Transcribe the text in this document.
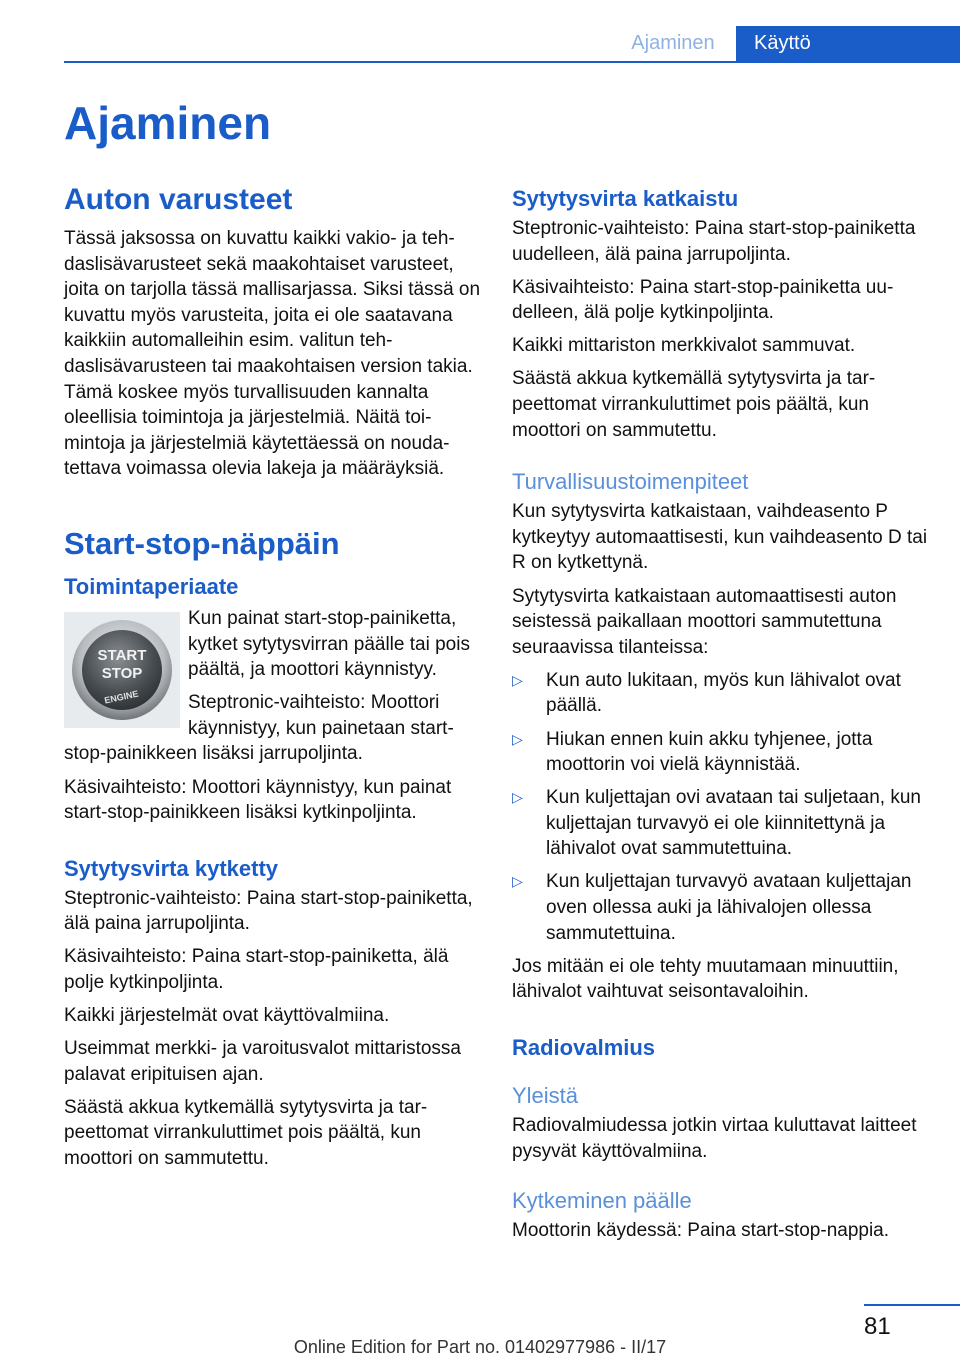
Ajaminen	Käyttö
Ajaminen
Auton varusteet

Tässä jaksossa on kuvattu kaikki vakio- ja tehdaslisävarusteet sekä maakohtaiset varusteet, joita on tarjolla tässä mallisarjassa. Siksi tässä on kuvattu myös varusteita, joita ei ole saatavana kaikkiin automalleihin esim. valitun tehdaslisävarusteen tai maakohtaisen version takia. Tämä koskee myös turvallisuuden kannalta oleellisia toimintoja ja järjestelmiä. Näitä toimintoja ja järjestelmiä käytettäessä on noudatettava voimassa olevia lakeja ja määräyksiä.

Start-stop-näppäin
Toimintaperiaate
START
STOP
ENGINE

Kun painat start-stop-painiketta, kytket sytytysvirran päälle tai pois päältä, ja moottori käynnistyy.

Steptronic-vaihteisto: Moottori käynnistyy, kun painetaan start-stop-painikkeen lisäksi jarrupoljinta.

Käsivaihteisto: Moottori käynnistyy, kun painat start-stop-painikkeen lisäksi kytkinpoljinta.

Sytytysvirta kytketty

Steptronic-vaihteisto: Paina start-stop-painiketta, älä paina jarrupoljinta.

Käsivaihteisto: Paina start-stop-painiketta, älä polje kytkinpoljinta.

Kaikki järjestelmät ovat käyttövalmiina.

Useimmat merkki- ja varoitusvalot mittaristossa palavat eripituisen ajan.

Säästä akkua kytkemällä sytytysvirta ja tarpeettomat virrankuluttimet pois päältä, kun moottori on sammutettu.

Sytytysvirta katkaistu

Steptronic-vaihteisto: Paina start-stop-painiketta uudelleen, älä paina jarrupoljinta.

Käsivaihteisto: Paina start-stop-painiketta uudelleen, älä polje kytkinpoljinta.

Kaikki mittariston merkkivalot sammuvat.

Säästä akkua kytkemällä sytytysvirta ja tarpeettomat virrankuluttimet pois päältä, kun moottori on sammutettu.

Turvallisuustoimenpiteet

Kun sytytysvirta katkaistaan, vaihdeasento P kytkeytyy automaattisesti, kun vaihdeasento D tai R on kytkettynä.

Sytytysvirta katkaistaan automaattisesti auton seistessä paikallaan moottori sammutettuna seuraavissa tilanteissa:

▷ Kun auto lukitaan, myös kun lähivalot ovat päällä.
▷ Hiukan ennen kuin akku tyhjenee, jotta moottorin voi vielä käynnistää.
▷ Kun kuljettajan ovi avataan tai suljetaan, kun kuljettajan turvavyö ei ole kiinnitettynä ja lähivalot ovat sammutettuina.
▷ Kun kuljettajan turvavyö avataan kuljettajan oven ollessa auki ja lähivalojen ollessa sammutettuina.

Jos mitään ei ole tehty muutamaan minuuttiin, lähivalot vaihtuvat seisontavaloihin.

Radiovalmius
Yleistä

Radiovalmiudessa jotkin virtaa kuluttavat laitteet pysyvät käyttövalmiina.

Kytkeminen päälle

Moottorin käydessä: Paina start-stop-nappia.

81
Online Edition for Part no. 01402977986 - II/17
